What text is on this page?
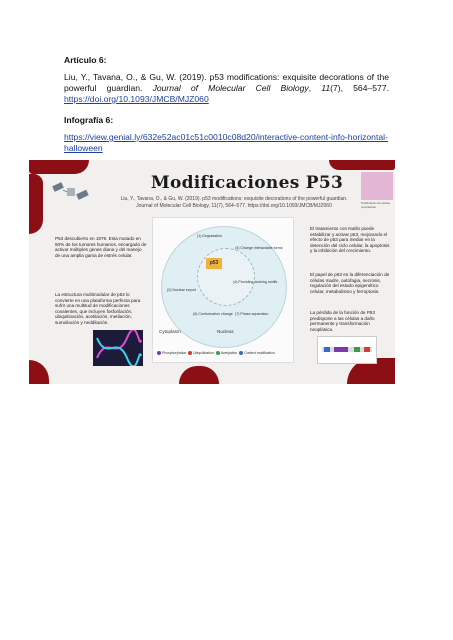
Artículo 6:
Liu, Y., Tavana, O., & Gu, W. (2019). p53 modifications: exquisite decorations of the powerful guardian. Journal of Molecular Cell Biology, 11(7), 564–577. https://doi.org/10.1093/JMCB/MJZ060
Infografía 6:
https://view.genial.ly/632e52ac01c51c0010c08d20/interactive-content-info-horizontal-halloween
Modificaciones P53
Liu, Y., Tavana, O., & Gu, W. (2019). p53 modifications: exquisite decorations of the powerful guardian. Journal of Molecular Cell Biology, 11(7), 564–577. https://doi.org/10.1093/JMCB/MJZ060	Proliferación de células neoplásicas
P53 descubierto en 1979. Esta mutado en 50% de los tumores humanos, encargado de activar múltiples genes diana y del manejo de una amplia gama de estrés celular.
La estructura multimodular de p53 lo convierte en una plataforma perfecta para sufrir una multitud de modificaciones covalentes, que incluyen fosforilación, ubiquitinación, acetilación, metilación, sumoilación y neddilación.
El tratamiento con Nutlin puede estabilizar y activar p53, mejorando el efecto de p53 para mediar en la detención del ciclo celular, la apoptosis y la inhibición del crecimiento.
El papel de p53 en la diferenciación de células madre, autofagia, necrosis, regulación del estado epigenético celular, metabolismo y ferroptosis.
La pérdida de la función de P53 predispone a las células a daño permanente y transformación neoplásica.
p53
(1) Degradation
(3) Change interactable forms
(2) Nuclear export
(4) Providing docking motifs
(6) Conformation change (7) Phase separation
Cytoplasm	Nucleus
Phosphorylation Ubiquitination Acetylation Context modification
